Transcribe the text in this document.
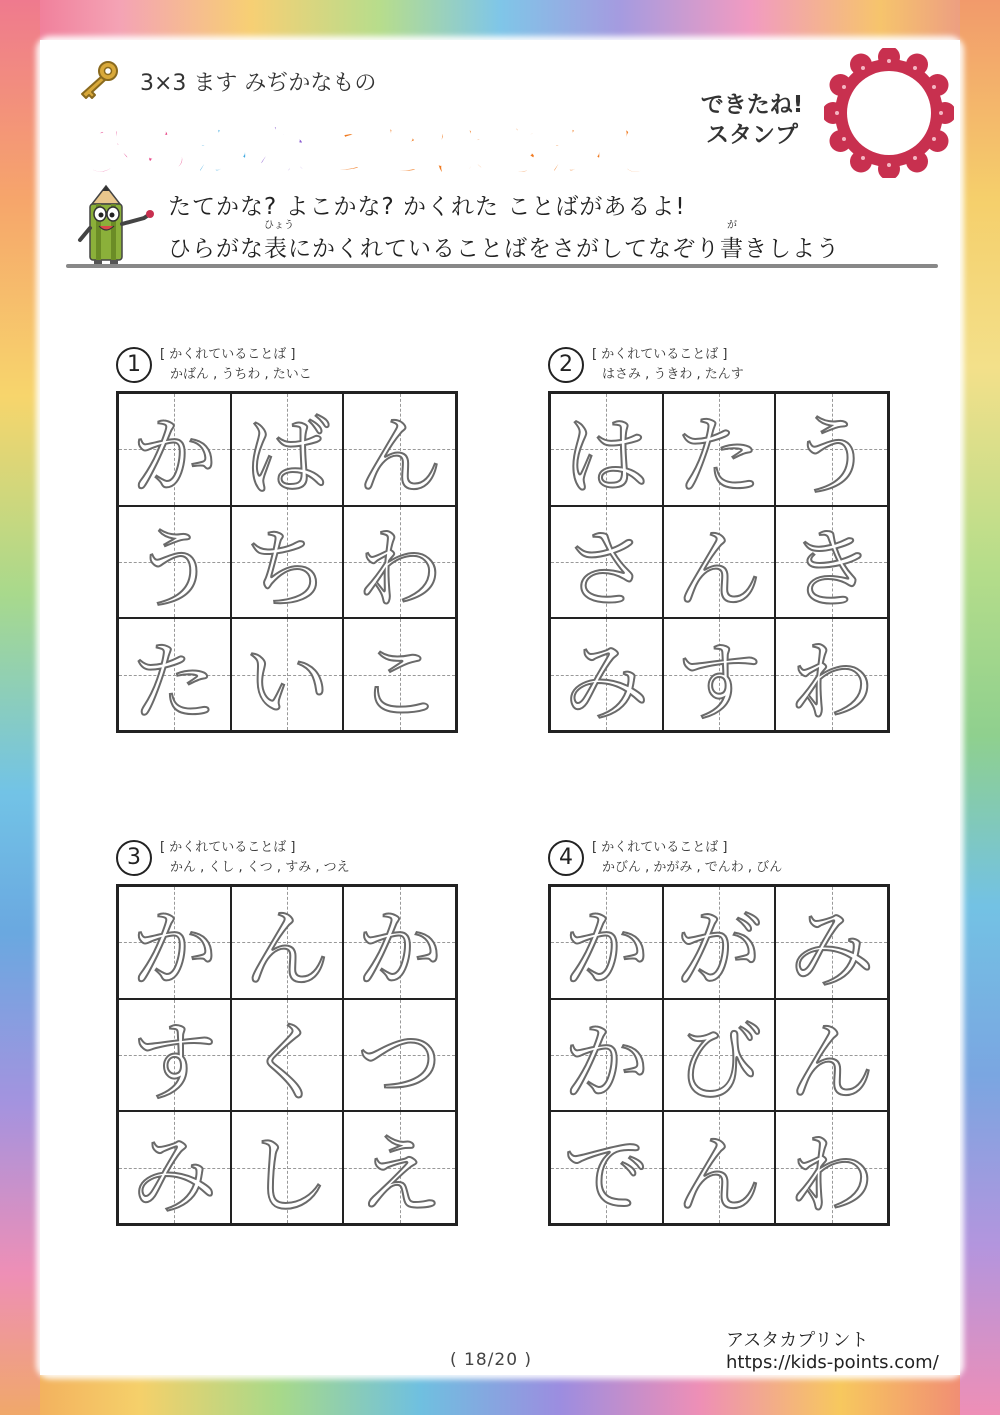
3×3 ます みぢかなもの
ひらがなことばさがし
できたね!
スタンプ
たてかな? よこかな? かくれた ことばがあるよ!
ひらがな
ひょう
表にかくれていることばをさがしてなぞり
が
書きしよう
1	[ かくれていることば ]
かばん , うちわ , たいこ
か ば ん
う ち わ
た い こ
2	[ かくれていることば ]
はさみ , うきわ , たんす
は た う
さ ん き
み す わ
3	[ かくれていることば ]
かん , くし , くつ , すみ , つえ
か ん か
す く つ
み し え
4	[ かくれていることば ]
かびん , かがみ , でんわ , びん
か が み
か び ん
で ん わ
( 18/20 )
アスタカプリント
https://kids-points.com/
